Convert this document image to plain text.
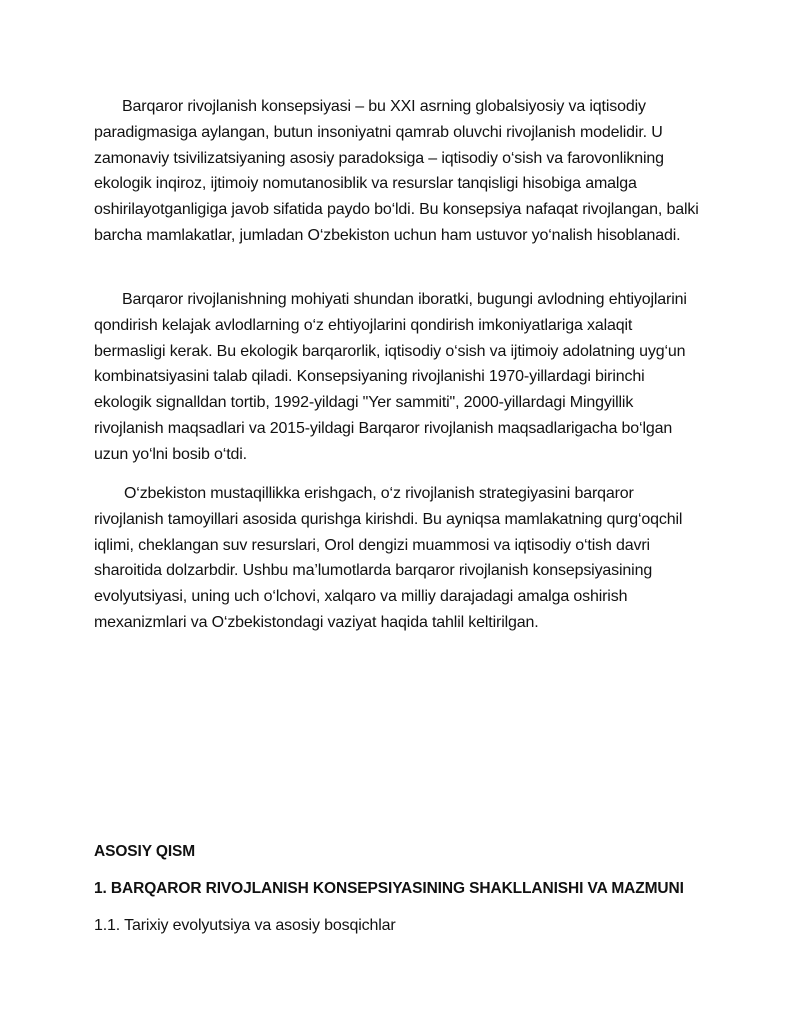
Barqaror rivojlanish konsepsiyasi – bu XXI asrning globalsiyosiy va iqtisodiy paradigmasiga aylangan, butun insoniyatni qamrab oluvchi rivojlanish modelidir. U zamonaviy tsivilizatsiyaning asosiy paradoksiga – iqtisodiy o‘sish va farovonlikning ekologik inqiroz, ijtimoiy nomutanosiblik va resurslar tanqisligi hisobiga amalga oshirilayotganligiga javob sifatida paydo bo‘ldi. Bu konsepsiya nafaqat rivojlangan, balki barcha mamlakatlar, jumladan O‘zbekiston uchun ham ustuvor yo‘nalish hisoblanadi.

Barqaror rivojlanishning mohiyati shundan iboratki, bugungi avlodning ehtiyojlarini qondirish kelajak avlodlarning o‘z ehtiyojlarini qondirish imkoniyatlariga xalaqit bermasligi kerak. Bu ekologik barqarorlik, iqtisodiy o‘sish va ijtimoiy adolatning uyg‘un kombinatsiyasini talab qiladi. Konsepsiyaning rivojlanishi 1970-yillardagi birinchi ekologik signalldan tortib, 1992-yildagi "Yer sammiti", 2000-yillardagi Mingyillik rivojlanish maqsadlari va 2015-yildagi Barqaror rivojlanish maqsadlarigacha bo‘lgan uzun yo‘lni bosib o‘tdi.

O‘zbekiston mustaqillikka erishgach, o‘z rivojlanish strategiyasini barqaror rivojlanish tamoyillari asosida qurishga kirishdi. Bu ayniqsa mamlakatning qurg‘oqchil iqlimi, cheklangan suv resurslari, Orol dengizi muammosi va iqtisodiy o‘tish davri sharoitida dolzarbdir. Ushbu ma’lumotlarda barqaror rivojlanish konsepsiyasining evolyutsiyasi, uning uch o‘lchovi, xalqaro va milliy darajadagi amalga oshirish mexanizmlari va O‘zbekistondagi vaziyat haqida tahlil keltirilgan.

ASOSIY QISM
1. BARQAROR RIVOJLANISH KONSEPSIYASINING SHAKLLANISHI VA MAZMUNI

1.1. Tarixiy evolyutsiya va asosiy bosqichlar
